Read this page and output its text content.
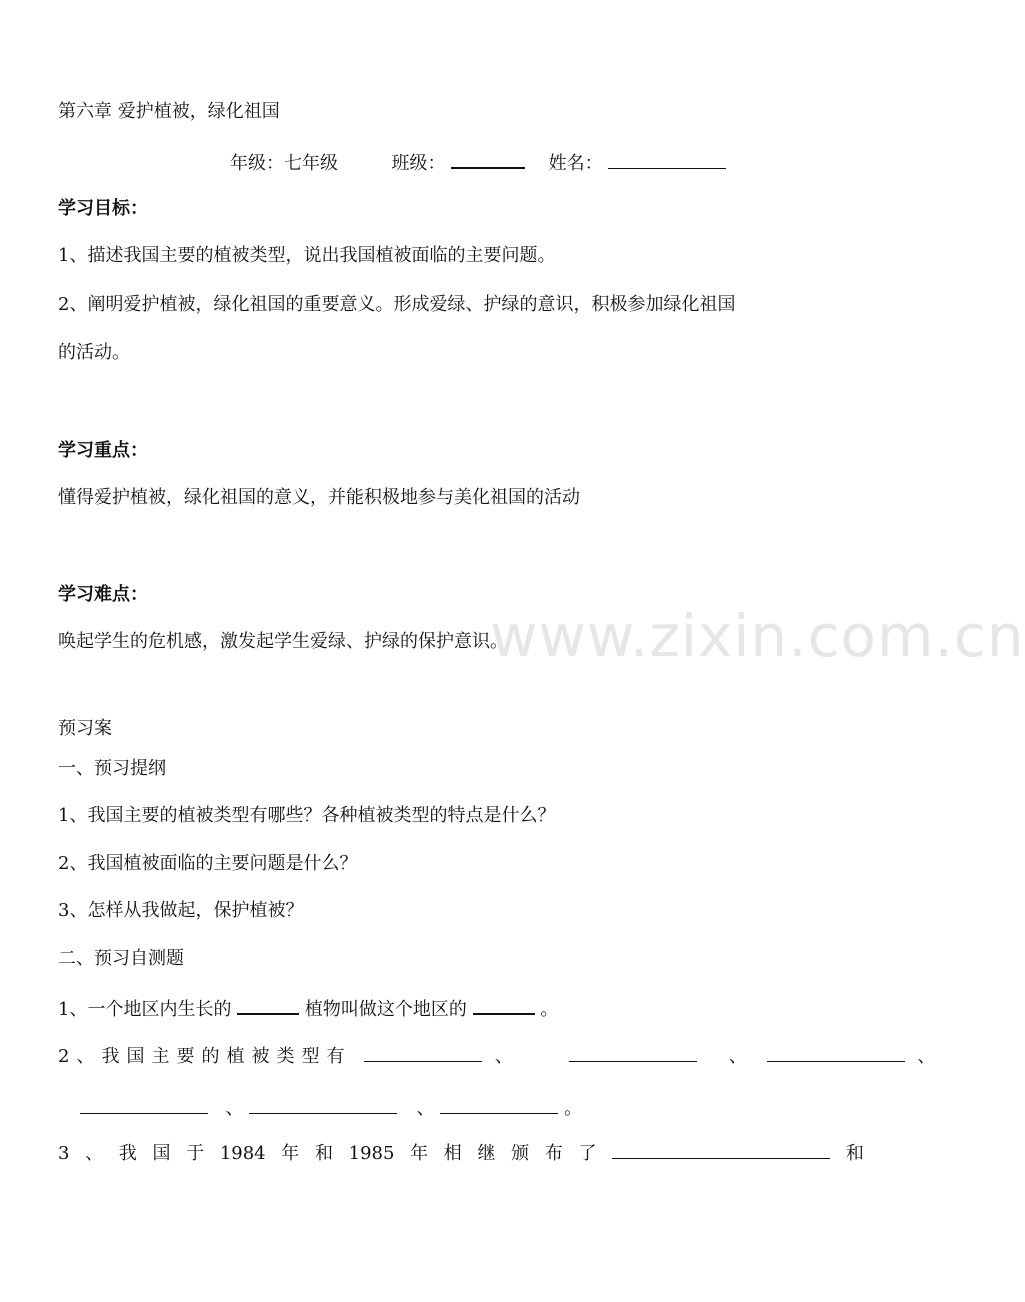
www.zixin.com.cn
第六章 爱护植被，绿化祖国
年级：七年级	班级：	姓名：
学习目标：
1、描述我国主要的植被类型，说出我国植被面临的主要问题。
2、阐明爱护植被，绿化祖国的重要意义。形成爱绿、护绿的意识，积极参加绿化祖国
的活动。
学习重点：
懂得爱护植被，绿化祖国的意义，并能积极地参与美化祖国的活动
学习难点：
唤起学生的危机感，激发起学生爱绿、护绿的保护意识。
预习案
一、预习提纲
1、我国主要的植被类型有哪些？各种植被类型的特点是什么？
2、我国植被面临的主要问题是什么？
3、怎样从我做起，保护植被？
二、预习自测题
1、一个地区内生长的	植物叫做这个地区的	。
2、我国主要的植被类型有	、	、	、
、	、	。
3 、 我 国 于 1984 年 和 1985 年 相 继 颁 布 了	和
